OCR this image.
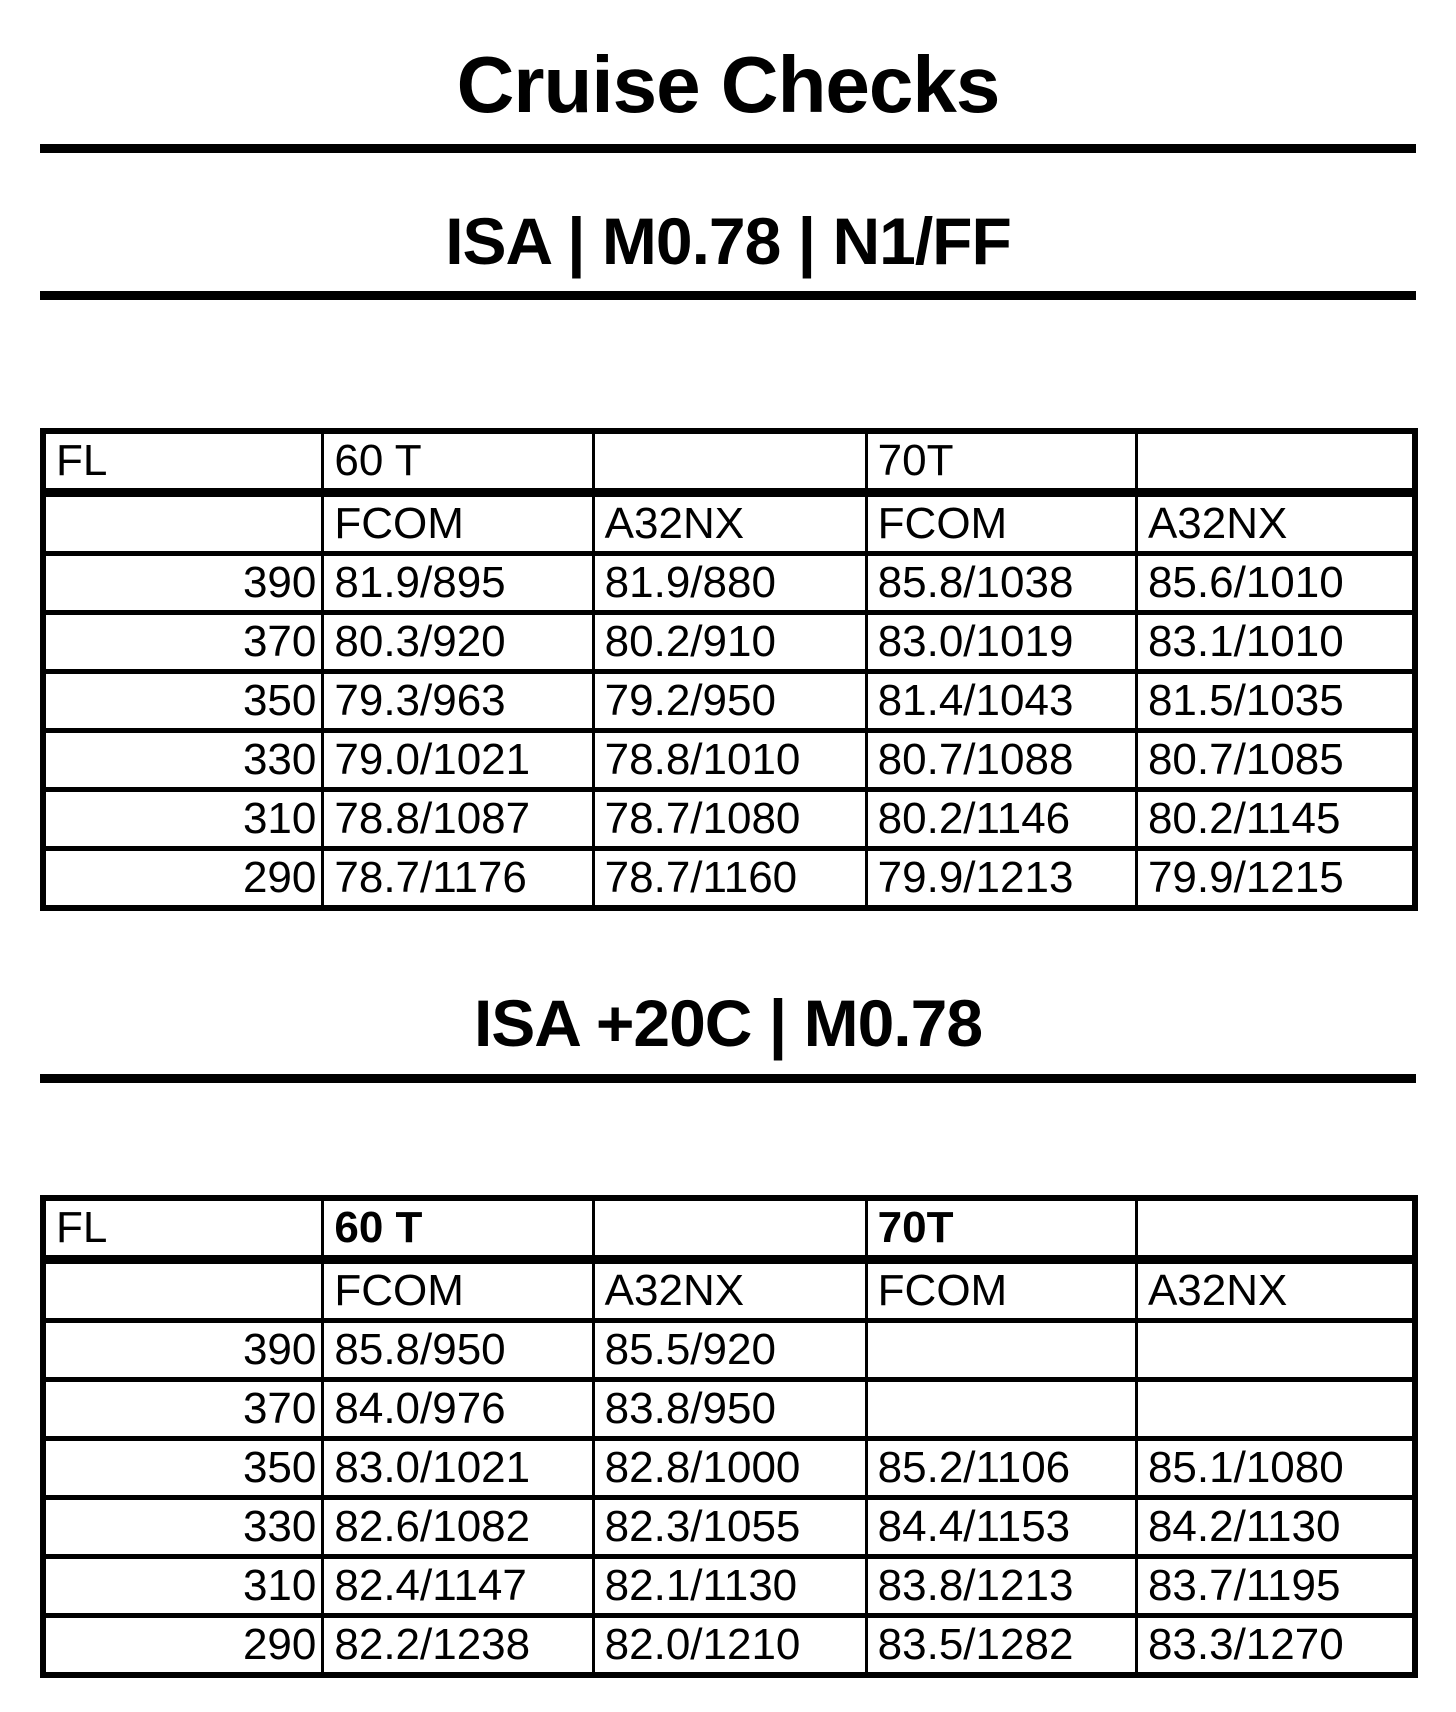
Cruise Checks
ISA | M0.78 | N1/FF
FL	60 T		70T	
	FCOM	A32NX	FCOM	A32NX
390	81.9/895	81.9/880	85.8/1038	85.6/1010
370	80.3/920	80.2/910	83.0/1019	83.1/1010
350	79.3/963	79.2/950	81.4/1043	81.5/1035
330	79.0/1021	78.8/1010	80.7/1088	80.7/1085
310	78.8/1087	78.7/1080	80.2/1146	80.2/1145
290	78.7/1176	78.7/1160	79.9/1213	79.9/1215
ISA +20C | M0.78
FL	60 T		70T	
	FCOM	A32NX	FCOM	A32NX
390	85.8/950	85.5/920		
370	84.0/976	83.8/950		
350	83.0/1021	82.8/1000	85.2/1106	85.1/1080
330	82.6/1082	82.3/1055	84.4/1153	84.2/1130
310	82.4/1147	82.1/1130	83.8/1213	83.7/1195
290	82.2/1238	82.0/1210	83.5/1282	83.3/1270
